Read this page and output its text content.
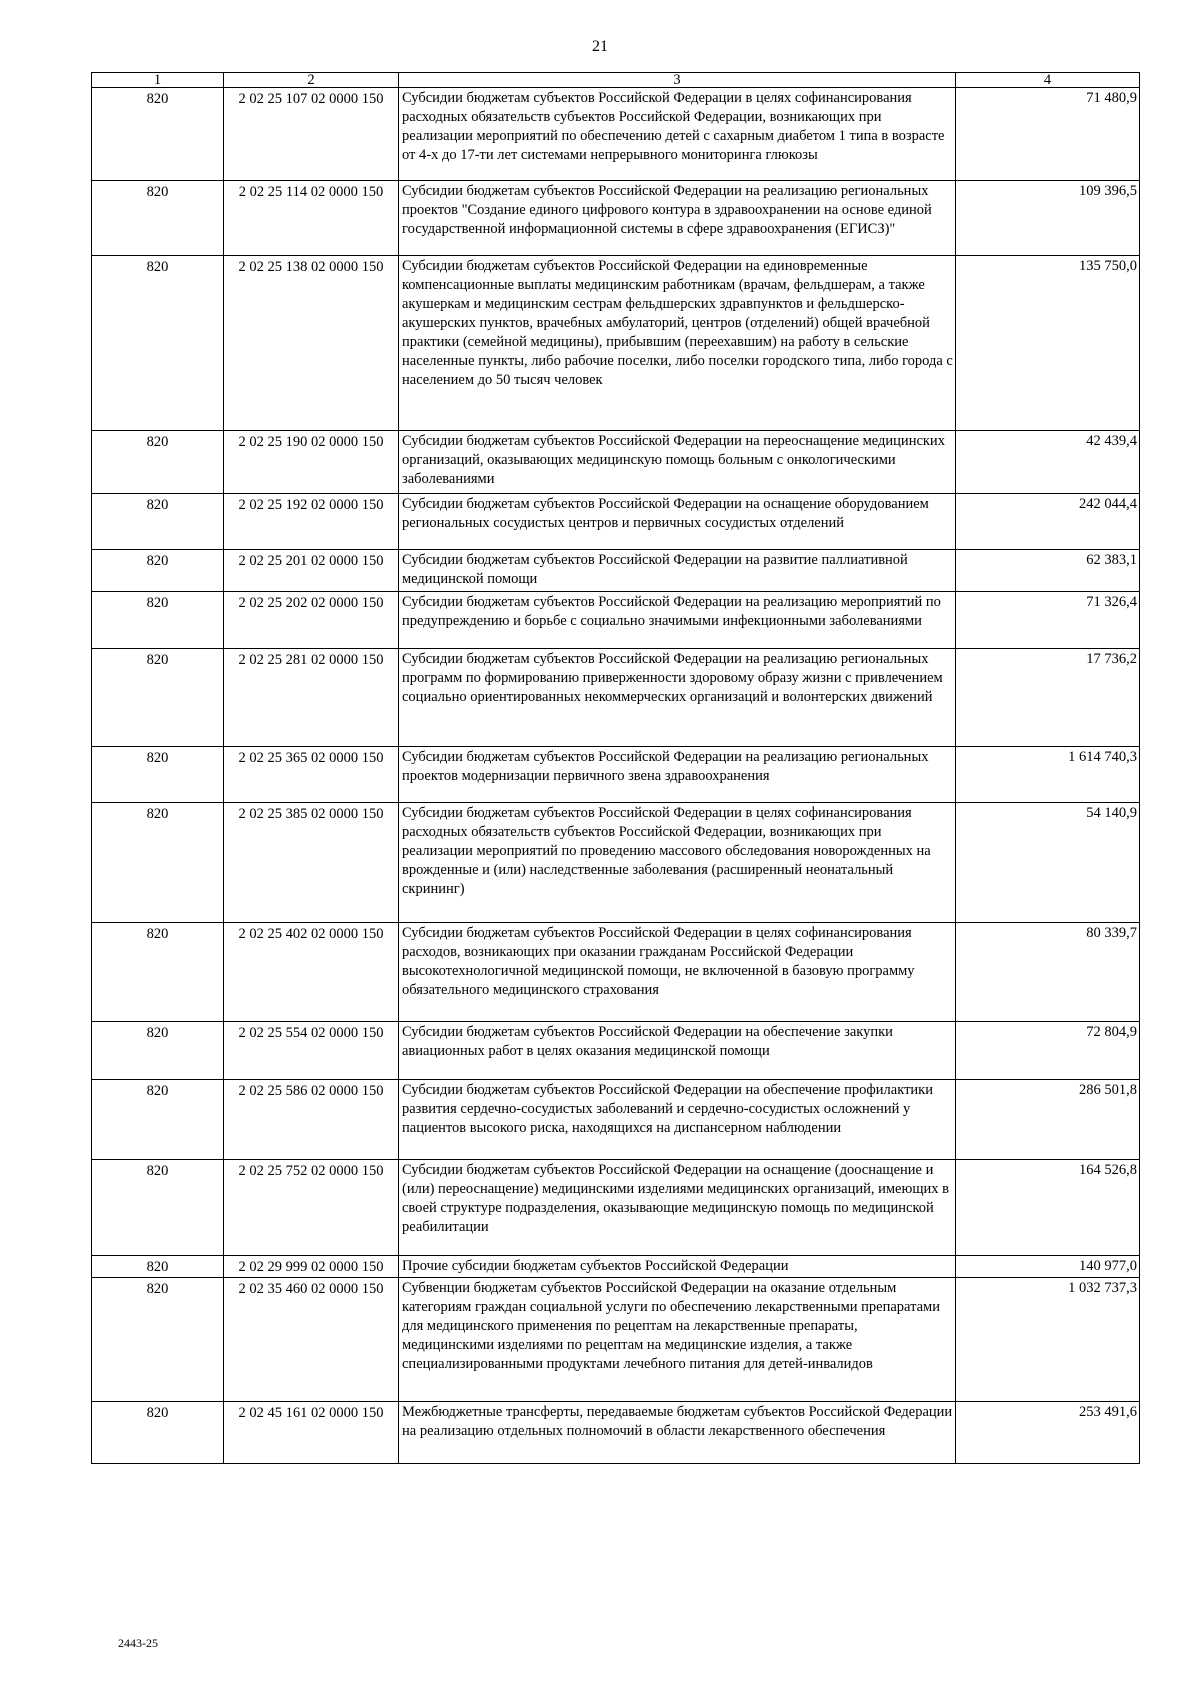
21
1	2	3	4
820	2 02 25 107 02 0000 150	Субсидии бюджетам субъектов Российской Федерации в целях софинансирования расходных обязательств субъектов Российской Федерации, возникающих при реализации мероприятий по обеспечению детей с сахарным диабетом 1 типа в возрасте от 4-х до 17-ти лет системами непрерывного мониторинга глюкозы	71 480,9
820	2 02 25 114 02 0000 150	Субсидии бюджетам субъектов Российской Федерации на реализацию региональных проектов "Создание единого цифрового контура в здравоохранении на основе единой государственной информационной системы в сфере здравоохранения (ЕГИСЗ)"	109 396,5
820	2 02 25 138 02 0000 150	Субсидии бюджетам субъектов Российской Федерации на единовременные компенсационные выплаты медицинским работникам (врачам, фельдшерам, а также акушеркам и медицинским сестрам фельдшерских здравпунктов и фельдшерско-акушерских пунктов, врачебных амбулаторий, центров (отделений) общей врачебной практики (семейной медицины), прибывшим (переехавшим) на работу в сельские населенные пункты, либо рабочие поселки, либо поселки городского типа, либо города с населением до 50 тысяч человек	135 750,0
820	2 02 25 190 02 0000 150	Субсидии бюджетам субъектов Российской Федерации на переоснащение медицинских организаций, оказывающих медицинскую помощь больным с онкологическими заболеваниями	42 439,4
820	2 02 25 192 02 0000 150	Субсидии бюджетам субъектов Российской Федерации на оснащение оборудованием региональных сосудистых центров и первичных сосудистых отделений	242 044,4
820	2 02 25 201 02 0000 150	Субсидии бюджетам субъектов Российской Федерации на развитие паллиативной медицинской помощи	62 383,1
820	2 02 25 202 02 0000 150	Субсидии бюджетам субъектов Российской Федерации на реализацию мероприятий по предупреждению и борьбе с социально значимыми инфекционными заболеваниями	71 326,4
820	2 02 25 281 02 0000 150	Субсидии бюджетам субъектов Российской Федерации на реализацию региональных программ по формированию приверженности здоровому образу жизни с привлечением социально ориентированных некоммерческих организаций и волонтерских движений	17 736,2
820	2 02 25 365 02 0000 150	Субсидии бюджетам субъектов Российской Федерации на реализацию региональных проектов модернизации первичного звена здравоохранения	1 614 740,3
820	2 02 25 385 02 0000 150	Субсидии бюджетам субъектов Российской Федерации в целях софинансирования расходных обязательств субъектов Российской Федерации, возникающих при реализации мероприятий по проведению массового обследования новорожденных на врожденные и (или) наследственные заболевания (расширенный неонатальный скрининг)	54 140,9
820	2 02 25 402 02 0000 150	Субсидии бюджетам субъектов Российской Федерации в целях софинансирования расходов, возникающих при оказании гражданам Российской Федерации высокотехнологичной медицинской помощи, не включенной в базовую программу обязательного медицинского страхования	80 339,7
820	2 02 25 554 02 0000 150	Субсидии бюджетам субъектов Российской Федерации на обеспечение закупки авиационных работ в целях оказания медицинской помощи	72 804,9
820	2 02 25 586 02 0000 150	Субсидии бюджетам субъектов Российской Федерации на обеспечение профилактики развития сердечно-сосудистых заболеваний и сердечно-сосудистых осложнений у пациентов высокого риска, находящихся на диспансерном наблюдении	286 501,8
820	2 02 25 752 02 0000 150	Субсидии бюджетам субъектов Российской Федерации на оснащение (дооснащение и (или) переоснащение) медицинскими изделиями медицинских организаций, имеющих в своей структуре подразделения, оказывающие медицинскую помощь по медицинской реабилитации	164 526,8
820	2 02 29 999 02 0000 150	Прочие субсидии бюджетам субъектов Российской Федерации	140 977,0
820	2 02 35 460 02 0000 150	Субвенции бюджетам субъектов Российской Федерации на оказание отдельным категориям граждан социальной услуги по обеспечению лекарственными препаратами для медицинского применения по рецептам на лекарственные препараты, медицинскими изделиями по рецептам на медицинские изделия, а также специализированными продуктами лечебного питания для детей-инвалидов	1 032 737,3
820	2 02 45 161 02 0000 150	Межбюджетные трансферты, передаваемые бюджетам субъектов Российской Федерации на реализацию отдельных полномочий в области лекарственного обеспечения	253 491,6
2443-25
